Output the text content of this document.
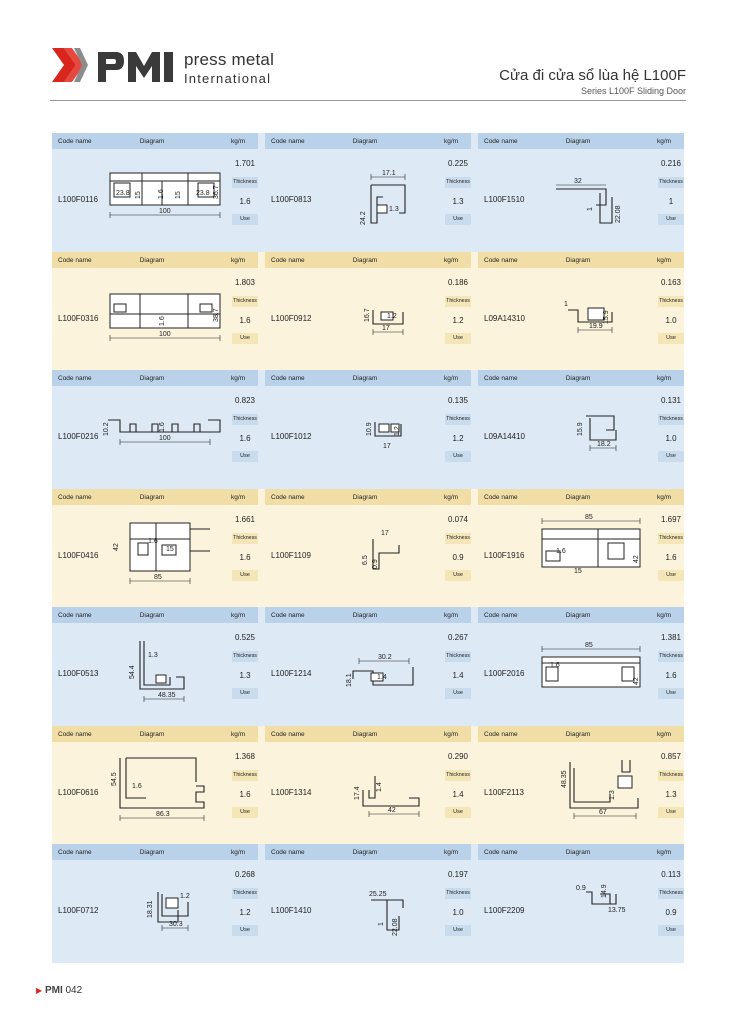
press metal
International	Cửa đi cửa sổ lùa hệ L100F
Series L100F Sliding Door
Code name	Diagram	kg/m
L100F0116
23.8 15 1.6 15 23.8 36.7
100
1.701
Thickness
1.6
Use
Code name	Diagram	kg/m
L100F0813
17.1
24.2
1.3
0.225
Thickness
1.3
Use
Code name	Diagram	kg/m
L100F1510
32
1	22.08
0.216
Thickness
1
Use
Code name	Diagram	kg/m
L100F0316	1.6	38.7
100
1.803
Thickness
1.6
Use
Code name	Diagram	kg/m
L100F0912	16.7 1.2
17
0.186
Thickness
1.2
Use
Code name	Diagram	kg/m
L09A14310
1
15.9
19.9
0.163
Thickness
1.0
Use
Code name	Diagram	kg/m
L100F0216
1.6
10.2
100
0.823
Thickness
1.6
Use
Code name	Diagram	kg/m
L100F1012
10.9
17
1.2
0.135
Thickness
1.2
Use
Code name	Diagram	kg/m
L09A14410
15.9
18.2
0.131
Thickness
1.0
Use
Code name	Diagram	kg/m
L100F0416
42
1.6
15
85
1.661
Thickness
1.6
Use
Code name	Diagram	kg/m
L100F1109
17
6.5 0.9
0.074
Thickness
0.9
Use
Code name	Diagram	kg/m
L100F1916
85
1.6
15
42
1.697
Thickness
1.6
Use
Code name	Diagram	kg/m
L100F0513
1.3
54.4
48.35
0.525
Thickness
1.3
Use
Code name	Diagram	kg/m
L100F1214
30.2
18.1	1.4
0.267
Thickness
1.4
Use
Code name	Diagram	kg/m
L100F2016
85
1.6
42
1.381
Thickness
1.6
Use
Code name	Diagram	kg/m
L100F0616
54.5
1.6
86.3
1.368
Thickness
1.6
Use
Code name	Diagram	kg/m
L100F1314	17.4 1.4
42
0.290
Thickness
1.4
Use
Code name	Diagram	kg/m
L100F2113
48.35
1.3
67
0.857
Thickness
1.3
Use
Code name	Diagram	kg/m
L100F0712	18.31
1.2
30.3
0.268
Thickness
1.2
Use
Code name	Diagram	kg/m
L100F1410
25.25
1 22.08
0.197
Thickness
1.0
Use
Code name	Diagram	kg/m
L100F2209
0.9 14.9
13.75
0.113
Thickness
0.9
Use
▶ PMI 042
